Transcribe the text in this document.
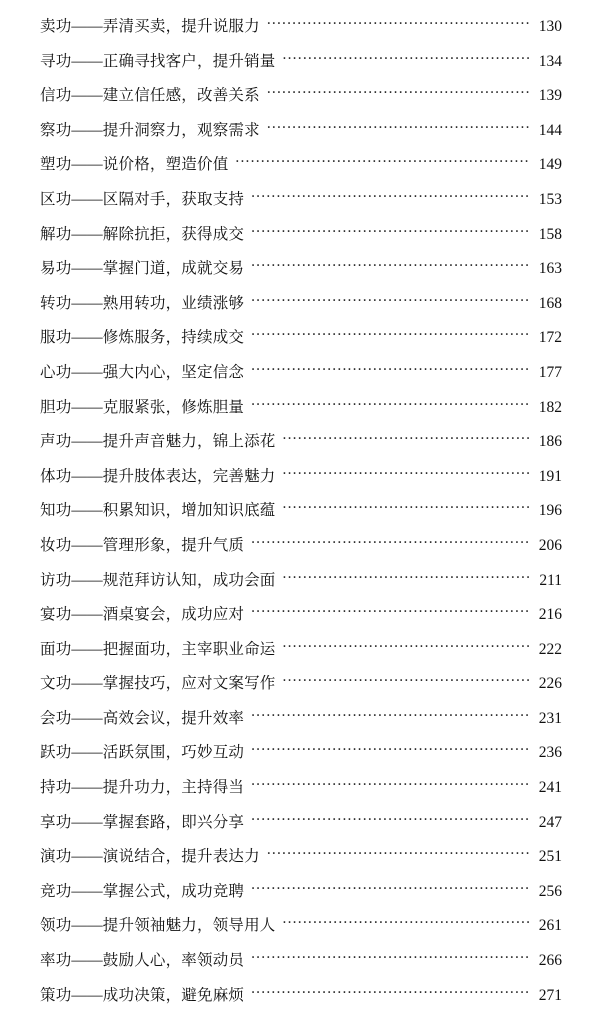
卖功——弄清买卖，提升说服力 .....	130
寻功——正确寻找客户，提升销量 .....	134
信功——建立信任感，改善关系 .....	139
察功——提升洞察力，观察需求 .....	144
塑功——说价格，塑造价值 .....	149
区功——区隔对手，获取支持 .....	153
解功——解除抗拒，获得成交 .....	158
易功——掌握门道，成就交易 .....	163
转功——熟用转功，业绩涨够 .....	168
服功——修炼服务，持续成交 .....	172
心功——强大内心，坚定信念 .....	177
胆功——克服紧张，修炼胆量 .....	182
声功——提升声音魅力，锦上添花 .....	186
体功——提升肢体表达，完善魅力 .....	191
知功——积累知识，增加知识底蕴 .....	196
妆功——管理形象，提升气质 .....	206
访功——规范拜访认知，成功会面 .....	211
宴功——酒桌宴会，成功应对 .....	216
面功——把握面功，主宰职业命运 .....	222
文功——掌握技巧，应对文案写作 .....	226
会功——高效会议，提升效率 .....	231
跃功——活跃氛围，巧妙互动 .....	236
持功——提升功力，主持得当 .....	241
享功——掌握套路，即兴分享 .....	247
演功——演说结合，提升表达力 .....	251
竞功——掌握公式，成功竞聘 .....	256
领功——提升领袖魅力，领导用人 .....	261
率功——鼓励人心，率领动员 .....	266
策功——成功决策，避免麻烦 .....	271
